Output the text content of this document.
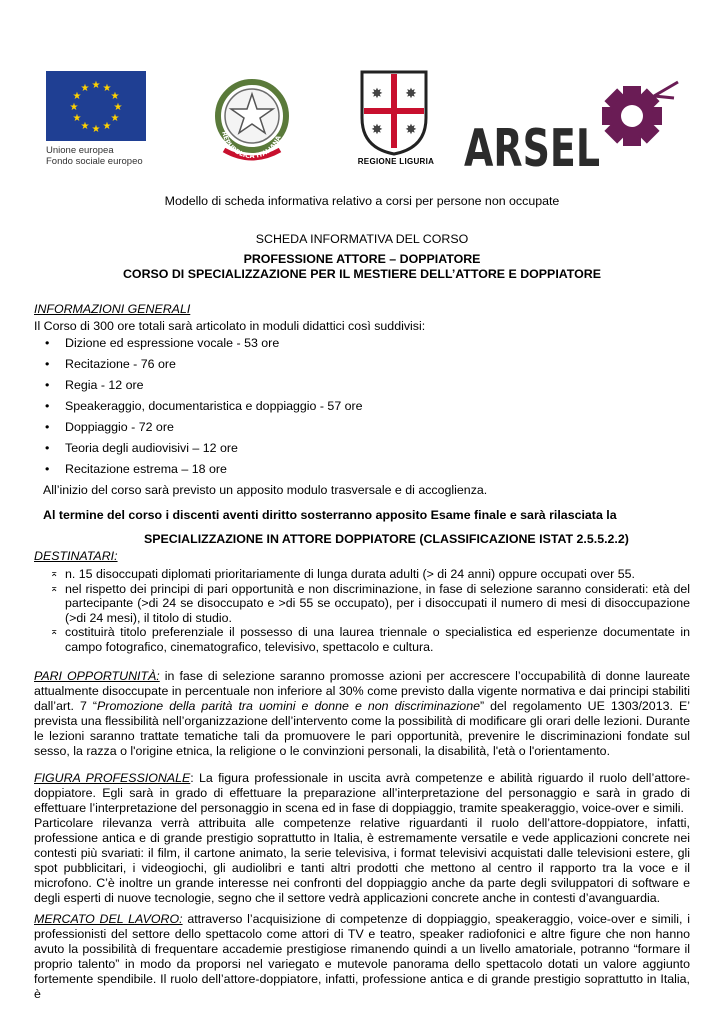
★ ★
★
★
★
★
★
★
★
★
★
★
Unione europea
Fondo sociale europeo
REPUBBLICA ITALIANA
✸ ✸
✸ ✸
REGIONE LIGURIA ARSEL
Modello di scheda informativa relativo a corsi per persone non occupate
SCHEDA INFORMATIVA DEL CORSO
PROFESSIONE ATTORE – DOPPIATORE
CORSO DI SPECIALIZZAZIONE PER IL MESTIERE DELL’ATTORE E DOPPIATORE
INFORMAZIONI GENERALI
Il Corso di 300 ore totali sarà articolato in moduli didattici così suddivisi:
• Dizione ed espressione vocale - 53 ore
• Recitazione - 76 ore
• Regia - 12 ore
• Speakeraggio, documentaristica e doppiaggio - 57 ore
• Doppiaggio - 72 ore
• Teoria degli audiovisivi – 12 ore
• Recitazione estrema – 18 ore
All’inizio del corso sarà previsto un apposito modulo trasversale e di accoglienza.
Al termine del corso i discenti aventi diritto sosterranno apposito Esame finale e sarà rilasciata la
SPECIALIZZAZIONE IN ATTORE DOPPIATORE (CLASSIFICAZIONE ISTAT 2.5.5.2.2)
DESTINATARI:
⌅ n. 15 disoccupati diplomati prioritariamente di lunga durata adulti (> di 24 anni) oppure occupati over 55.
⌅ nel rispetto dei principi di pari opportunità e non discriminazione, in fase di selezione saranno considerati: età del partecipante (>di 24 se disoccupato e >di 55 se occupato), per i disoccupati il numero di mesi di disoccupazione (>di 24 mesi), il titolo di studio.
⌅ costituirà titolo preferenziale il possesso di una laurea triennale o specialistica ed esperienze documentate in campo fotografico, cinematografico, televisivo, spettacolo e cultura.
PARI OPPORTUNITÀ: in fase di selezione saranno promosse azioni per accrescere l’occupabilità di donne laureate attualmente disoccupate in percentuale non inferiore al 30% come previsto dalla vigente normativa e dai principi stabiliti dall’art. 7 “Promozione della parità tra uomini e donne e non discriminazione” del regolamento UE 1303/2013. E’ prevista una flessibilità nell’organizzazione dell’intervento come la possibilità di modificare gli orari delle lezioni. Durante le lezioni saranno trattate tematiche tali da promuovere le pari opportunità, prevenire le discriminazioni fondate sul sesso, la razza o l'origine etnica, la religione o le convinzioni personali, la disabilità, l'età o l'orientamento.
FIGURA PROFESSIONALE: La figura professionale in uscita avrà competenze e abilità riguardo il ruolo dell’attore-doppiatore. Egli sarà in grado di effettuare la preparazione all’interpretazione del personaggio e sarà in grado di effettuare l’interpretazione del personaggio in scena ed in fase di doppiaggio, tramite speakeraggio, voice-over e simili.
Particolare rilevanza verrà attribuita alle competenze relative riguardanti il ruolo dell’attore-doppiatore, infatti, professione antica e di grande prestigio soprattutto in Italia, è estremamente versatile e vede applicazioni concrete nei contesti più svariati: il film, il cartone animato, la serie televisiva, i format televisivi acquistati dalle televisioni estere, gli spot pubblicitari, i videogiochi, gli audiolibri e tanti altri prodotti che mettono al centro il rapporto tra la voce e il microfono. C’è inoltre un grande interesse nei confronti del doppiaggio anche da parte degli sviluppatori di software e degli esperti di nuove tecnologie, segno che il settore vedrà applicazioni concrete anche in contesti d’avanguardia.
MERCATO DEL LAVORO: attraverso l’acquisizione di competenze di doppiaggio, speakeraggio, voice-over e simili, i professionisti del settore dello spettacolo come attori di TV e teatro, speaker radiofonici e altre figure che non hanno avuto la possibilità di frequentare accademie prestigiose rimanendo quindi a un livello amatoriale, potranno “formare il proprio talento” in modo da proporsi nel variegato e mutevole panorama dello spettacolo dotati un valore aggiunto fortemente spendibile. Il ruolo dell’attore-doppiatore, infatti, professione antica e di grande prestigio soprattutto in Italia, è
